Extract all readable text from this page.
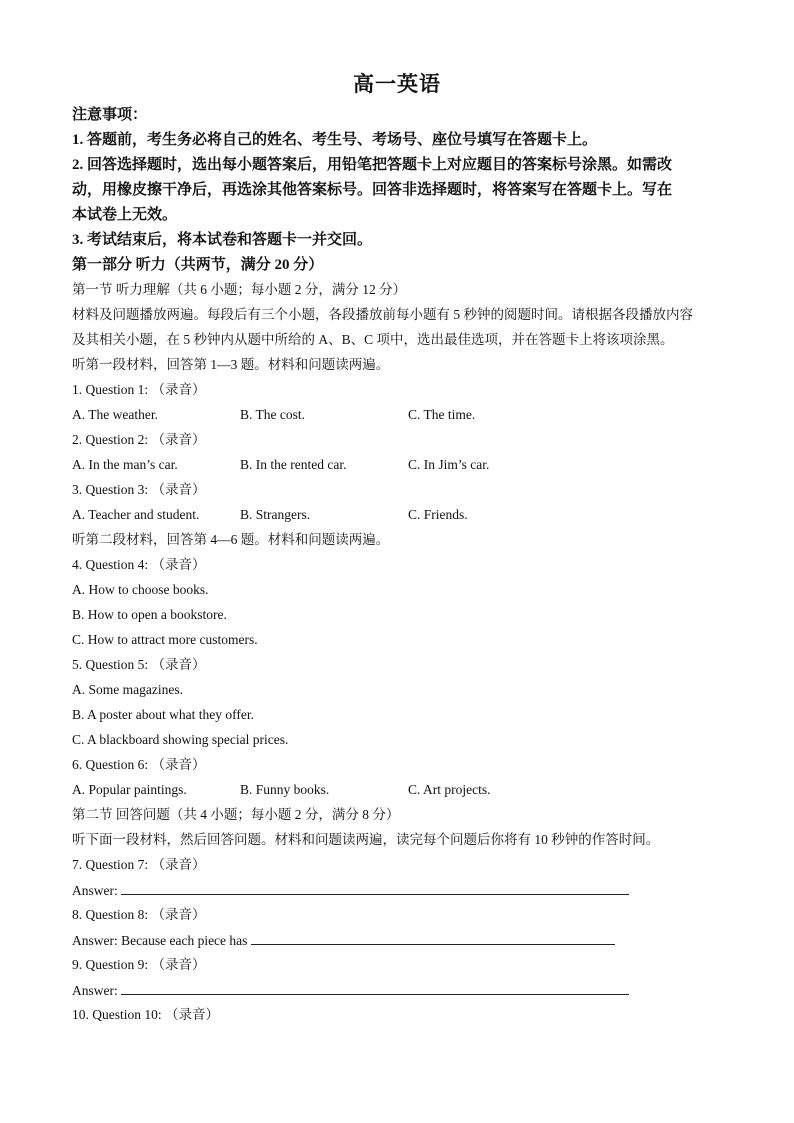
高一英语
注意事项：
1. 答题前，考生务必将自己的姓名、考生号、考场号、座位号填写在答题卡上。
2. 回答选择题时，选出每小题答案后，用铅笔把答题卡上对应题目的答案标号涂黑。如需改
动，用橡皮擦干净后，再选涂其他答案标号。回答非选择题时，将答案写在答题卡上。写在
本试卷上无效。
3. 考试结束后，将本试卷和答题卡一并交回。
第一部分 听力（共两节，满分 20 分）
第一节 听力理解（共 6 小题；每小题 2 分，满分 12 分）
材料及问题播放两遍。每段后有三个小题，各段播放前每小题有 5 秒钟的阅题时间。请根据各段播放内容
及其相关小题，在 5 秒钟内从题中所给的 A、B、C 项中，选出最佳选项，并在答题卡上将该项涂黑。
听第一段材料，回答第 1—3 题。材料和问题读两遍。
1. Question 1: （录音）
A. The weather.	B. The cost.	C. The time.
2. Question 2: （录音）
A. In the man’s car.	B. In the rented car.	C. In Jim’s car.
3. Question 3: （录音）
A. Teacher and student.	B. Strangers.	C. Friends.
听第二段材料，回答第 4—6 题。材料和问题读两遍。
4. Question 4: （录音）
A. How to choose books.
B. How to open a bookstore.
C. How to attract more customers.
5. Question 5: （录音）
A. Some magazines.
B. A poster about what they offer.
C. A blackboard showing special prices.
6. Question 6: （录音）
A. Popular paintings.	B. Funny books.	C. Art projects.
第二节 回答问题（共 4 小题；每小题 2 分，满分 8 分）
听下面一段材料，然后回答问题。材料和问题读两遍，读完每个问题后你将有 10 秒钟的作答时间。
7. Question 7: （录音）
Answer:
8. Question 8: （录音）
Answer: Because each piece has
9. Question 9: （录音）
Answer:
10. Question 10: （录音）
